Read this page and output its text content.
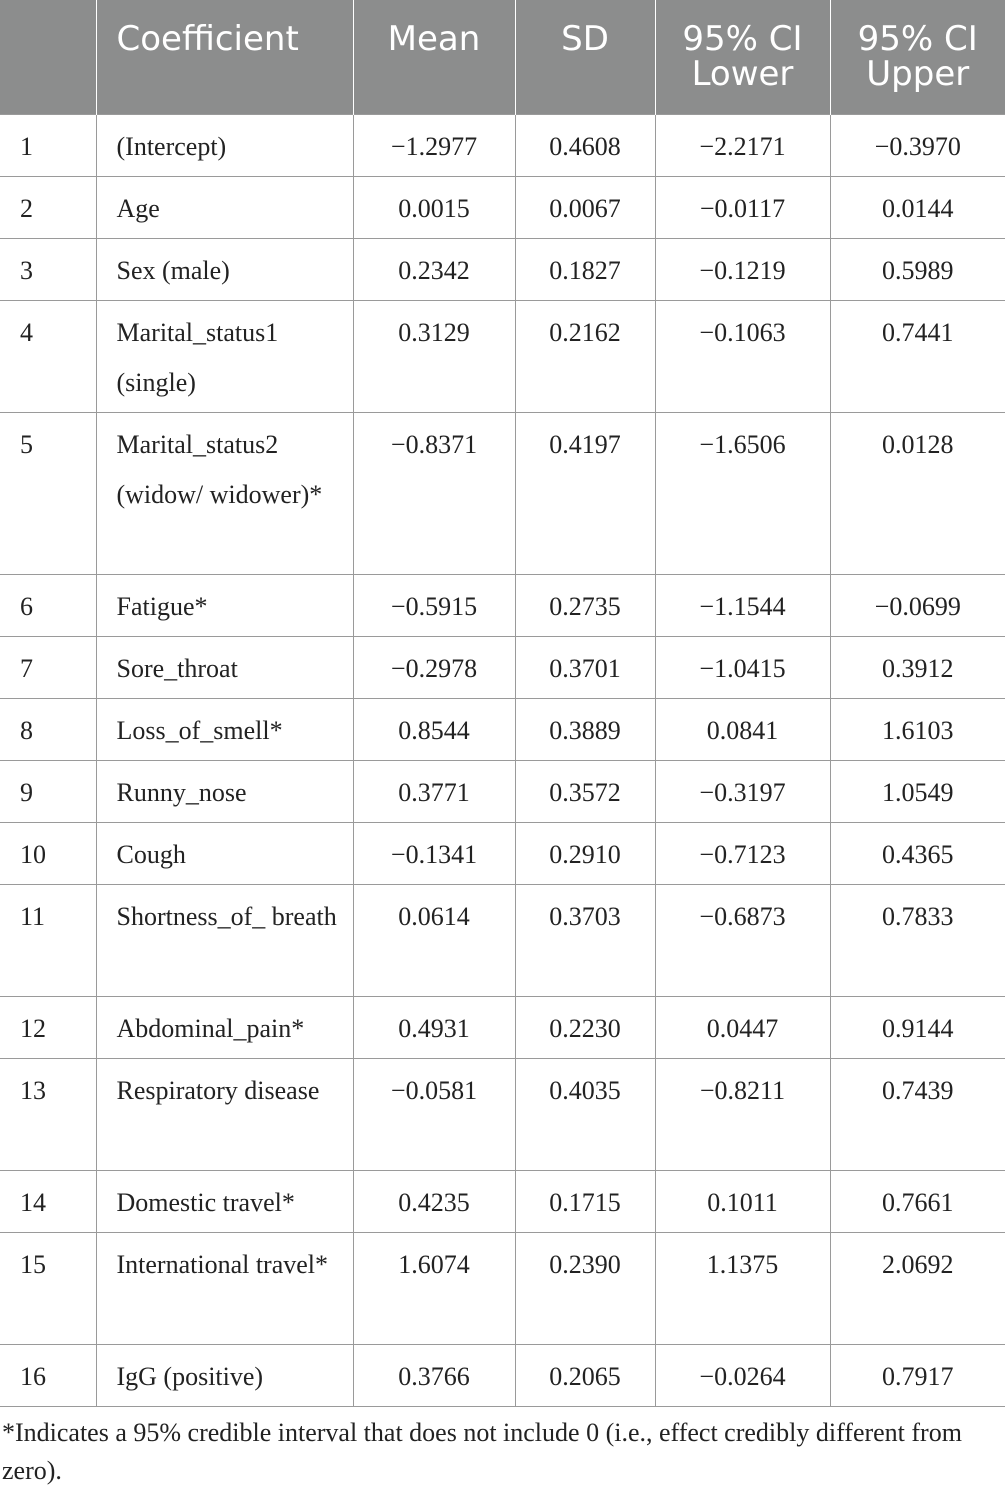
	Coefficient	Mean	SD	95% CI Lower	95% CI Upper
1	(Intercept)	−1.2977	0.4608	−2.2171	−0.3970
2	Age	0.0015	0.0067	−0.0117	0.0144
3	Sex (male)	0.2342	0.1827	−0.1219	0.5989
4	Marital_status1 (single)	0.3129	0.2162	−0.1063	0.7441
5	Marital_status2 (widow/ widower)*	−0.8371	0.4197	−1.6506	0.0128
6	Fatigue*	−0.5915	0.2735	−1.1544	−0.0699
7	Sore_throat	−0.2978	0.3701	−1.0415	0.3912
8	Loss_of_smell*	0.8544	0.3889	0.0841	1.6103
9	Runny_nose	0.3771	0.3572	−0.3197	1.0549
10	Cough	−0.1341	0.2910	−0.7123	0.4365
11	Shortness_of_ breath	0.0614	0.3703	−0.6873	0.7833
12	Abdominal_pain*	0.4931	0.2230	0.0447	0.9144
13	Respiratory disease	−0.0581	0.4035	−0.8211	0.7439
14	Domestic travel*	0.4235	0.1715	0.1011	0.7661
15	International travel*	1.6074	0.2390	1.1375	2.0692
16	IgG (positive)	0.3766	0.2065	−0.0264	0.7917
*Indicates a 95% credible interval that does not include 0 (i.e., effect credibly different from zero).
